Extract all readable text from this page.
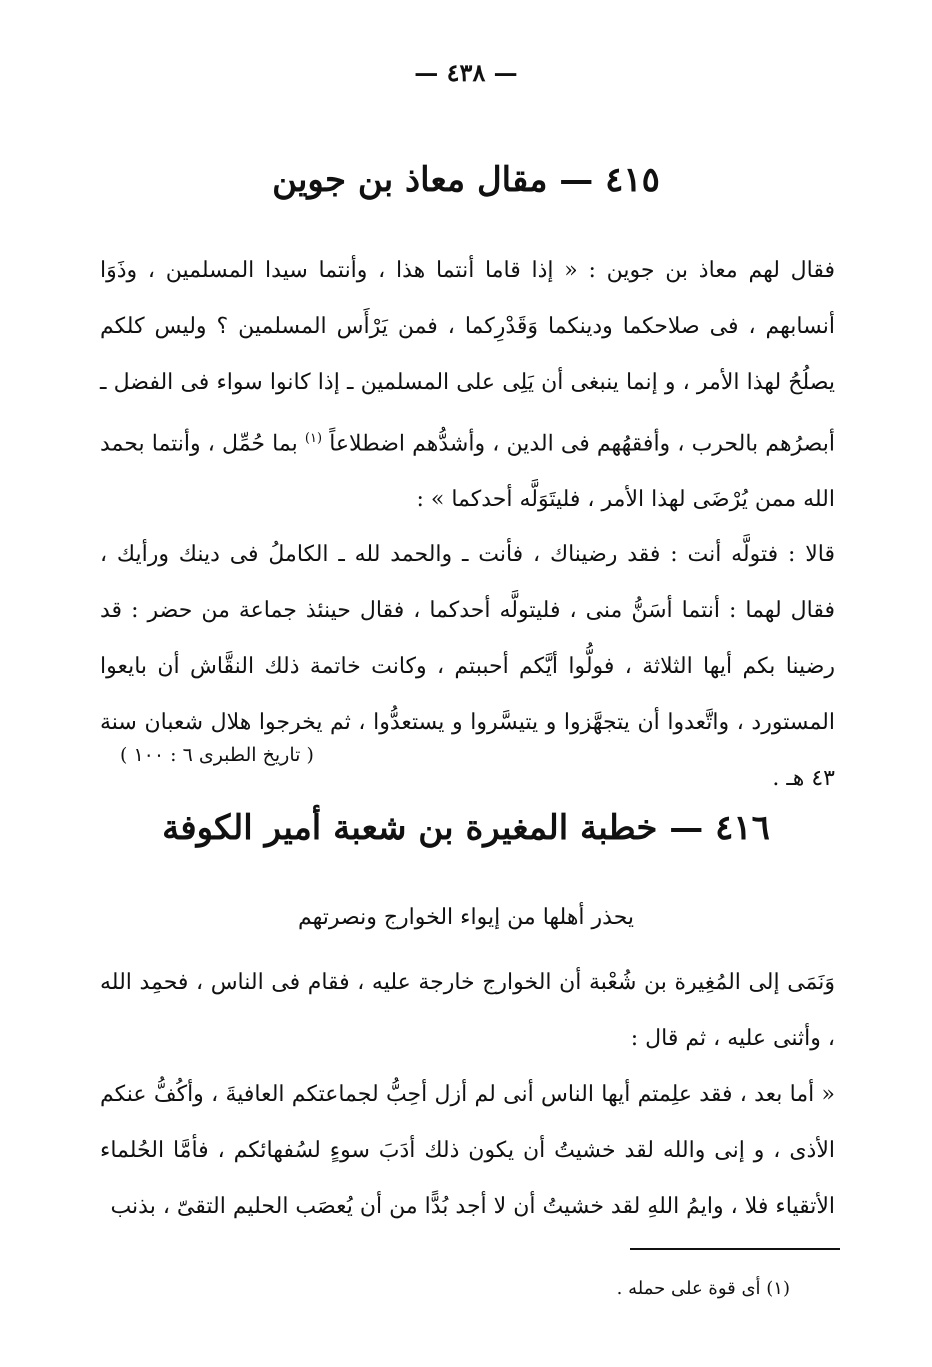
— ٤٣٨ —
٤١٥ — مقال معاذ بن جوين
فقال لهم معاذ بن جوين : « إذا قاما أنتما هذا ، وأنتما سيدا المسلمين ، وذَوَا أنسابهم ، فى صلاحكما ودينكما وَقَدْرِكما ، فمن يَرْأَس المسلمين ؟ وليس كلكم يصلُحُ لهذا الأمر ، و إنما ينبغى أن يَلِى على المسلمين ـ إذا كانوا سواء فى الفضل ـ أبصرُهم بالحرب ، وأفقهُهم فى الدين ، وأشدُّهم اضطلاعاً $^{(١)}$ بما حُمِّل ، وأنتما بحمد الله ممن يُرْضَى لهذا الأمر ، فليتَوَلَّه أحدكما » :
قالا : فتولَّه أنت : فقد رضيناك ، فأنت ـ والحمد لله ـ الكاملُ فى دينك ورأيك ، فقال لهما : أنتما أسَنُّ منى ، فليتولَّه أحدكما ، فقال حينئذ جماعة من حضر : قد رضينا بكم أيها الثلاثة ، فولُّوا أيَّكم أحببتم ، وكانت خاتمة ذلك النقَّاش أن بايعوا المستورد ، واتَّعدوا أن يتجهَّزوا و يتيسَّروا و يستعدُّوا ، ثم يخرجوا هلال شعبان سنة ٤٣ هـ .
( تاريخ الطبرى ٦ : ١٠٠ )
٤١٦ — خطبة المغيرة بن شعبة أمير الكوفة
يحذر أهلها من إيواء الخوارج ونصرتهم
وَنَمَى إلى المُغِيرة بن شُعْبة أن الخوارج خارجة عليه ، فقام فى الناس ، فحمِد الله ، وأثنى عليه ، ثم قال :
« أما بعد ، فقد علِمتم أيها الناس أنى لم أزل أحِبُّ لجماعتكم العافيةَ ، وأكُفُّ عنكم الأذى ، و إنى والله لقد خشيتُ أن يكون ذلك أدَبَ سوءٍ لسُفهائكم ، فأمَّا الحُلماء الأتقياء فلا ، وايمُ اللهِ لقد خشيتُ أن لا أجد بُدًّا من أن يُعصَب الحليم التقىّ ، بذنب
(١) أى قوة على حمله .
